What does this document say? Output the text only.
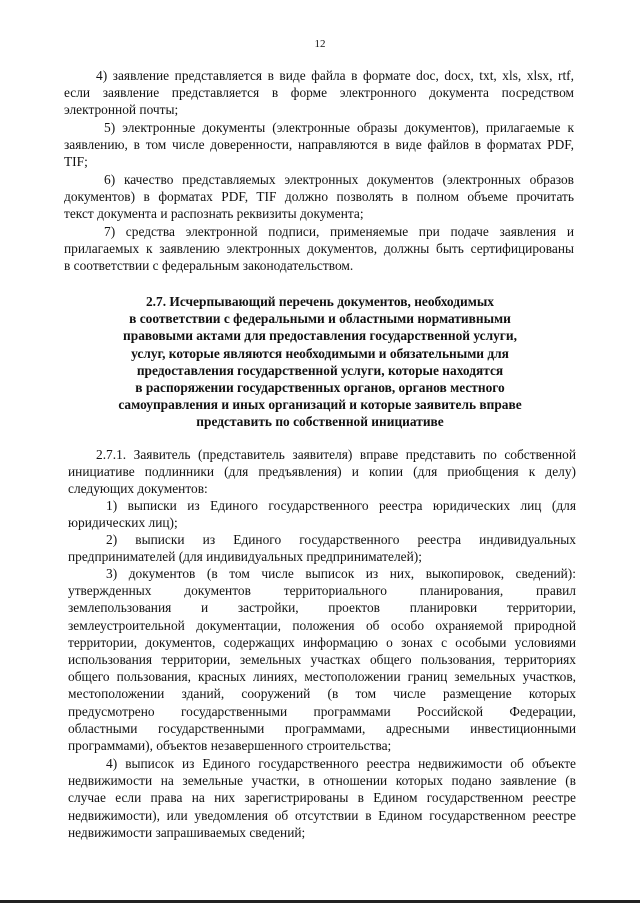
12
4) заявление представляется в виде файла в формате doc, docx, txt, xls, xlsx, rtf,
если заявление представляется в форме электронного документа посредством
электронной почты;
5) электронные документы (электронные образы документов), прилагаемые к
заявлению, в том числе доверенности, направляются в виде файлов в форматах PDF,
TIF;
6) качество представляемых электронных документов (электронных образов
документов) в форматах PDF, TIF должно позволять в полном объеме прочитать
текст документа и распознать реквизиты документа;
7) средства электронной подписи, применяемые при подаче заявления и
прилагаемых к заявлению электронных документов, должны быть сертифицированы
в соответствии с федеральным законодательством.
2.7. Исчерпывающий перечень документов, необходимых
в соответствии с федеральными и областными нормативными
правовыми актами для предоставления государственной услуги,
услуг, которые являются необходимыми и обязательными для
предоставления государственной услуги, которые находятся
в распоряжении государственных органов, органов местного
самоуправления и иных организаций и которые заявитель вправе
представить по собственной инициативе
2.7.1. Заявитель (представитель заявителя) вправе представить по собственной
инициативе подлинники (для предъявления) и копии (для приобщения к делу)
следующих документов:
1) выписки из Единого государственного реестра юридических лиц (для
юридических лиц);
2) выписки из Единого государственного реестра индивидуальных
предпринимателей (для индивидуальных предпринимателей);
3) документов (в том числе выписок из них, выкопировок, сведений):
утвержденных документов территориального планирования, правил
землепользования и застройки, проектов планировки территории,
землеустроительной документации, положения об особо охраняемой природной
территории, документов, содержащих информацию о зонах с особыми условиями
использования территории, земельных участках общего пользования, территориях
общего пользования, красных линиях, местоположении границ земельных участков,
местоположении зданий, сооружений (в том числе размещение которых
предусмотрено государственными программами Российской Федерации,
областными государственными программами, адресными инвестиционными
программами), объектов незавершенного строительства;
4) выписок из Единого государственного реестра недвижимости об объекте
недвижимости на земельные участки, в отношении которых подано заявление (в
случае если права на них зарегистрированы в Едином государственном реестре
недвижимости), или уведомления об отсутствии в Едином государственном реестре
недвижимости запрашиваемых сведений;
